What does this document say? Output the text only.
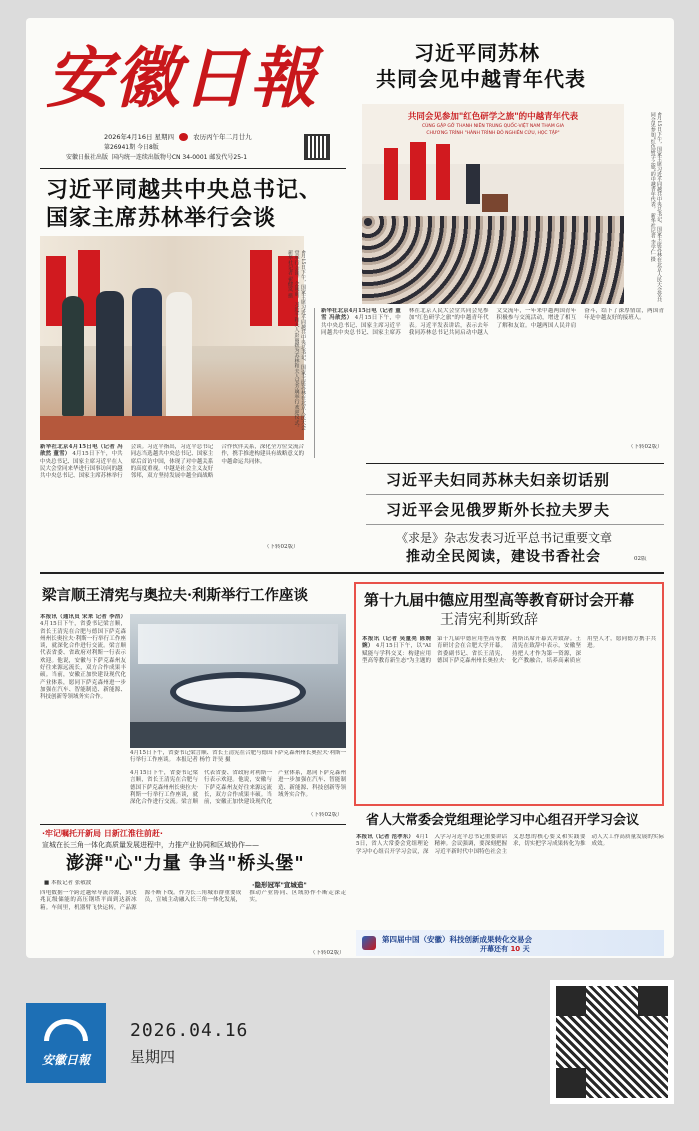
安徽日報
2026年4月16日 星期四	农历丙午年二月廿九
第26941期 今日8版
安徽日报社出版 国内统一连续出版物号CN 34-0001 邮发代号25-1
习近平同越共中央总书记、
国家主席苏林举行会谈
4月15日下午，国家主席习近平同越共中央总书记、国家主席苏林在北京人民大会堂举行会谈。会谈前，习近平和夫人彭丽媛为苏林和夫人吴芳璃举行欢迎仪式。 新华社记者 翟健岚 摄
新华社北京4月15日电（记者 冯歆然 董雪） 4月15日下午，中共中央总书记、国家主席习近平在人民大会堂同来华进行国事访问的越共中央总书记、国家主席苏林举行会谈。习近平指出，习近平总书记同志当选越共中央总书记、国家主席后首访中国，体现了对中越关系的高度重视。中越是社会主义友好邻邦，双方坚持发展中越全面战略合作伙伴关系，深化全方位交流合作，携手推进构建具有战略意义的中越命运共同体。
（下转02版）
习近平同苏林
共同会见中越青年代表
共同会见参加"红色研学之旅"的中越青年代表
CÙNG GẶP GỠ THANH NIÊN TRUNG QUỐC-VIỆT NAM THAM GIA
CHƯƠNG TRÌNH "HÀNH TRÌNH ĐỎ NGHIÊN CỨU, HỌC TẬP"	4月15日下午，国家主席习近平同越共中央总书记、国家主席苏林在北京人民大会堂共同会见参加"红色研学之旅"的中越青年代表。 新华社记者 李学仁 摄
新华社北京4月15日电（记者 董雪 冯歆然） 4月15日下午，中共中央总书记、国家主席习近平同越共中央总书记、国家主席苏林在北京人民大会堂共同会见参加"红色研学之旅"的中越青年代表。习近平发表讲话，表示去年我同苏林总书记共同启动中越人文交流年，一年来中越两国青年积极参与交流活动，增进了相互了解和友谊。中越两国人民并肩奋斗，结下了深厚情谊，两国青年是中越友好的接班人。
（下转02版）
习近平夫妇同苏林夫妇亲切话别
习近平会见俄罗斯外长拉夫罗夫
《求是》杂志发表习近平总书记重要文章
推动全民阅读，建设书香社会	02版
梁言顺王清宪与奥拉夫·利斯举行工作座谈
本报讯（通讯员 宋来 记者 李浩） 4月15日下午，省委书记梁言顺，省长王清宪在合肥与德国下萨克森州州长奥拉夫·利斯一行举行工作座谈，就深化合作进行交流。梁言顺代表省委、省政府对利斯一行表示欢迎。他说，安徽与下萨克森州友好往来源远流长，双方合作成果丰硕。当前，安徽正加快建设现代化产业体系，愿同下萨克森州进一步加强在汽车、智能制造、新能源、科技创新等领域务实合作。
4月15日下午，省委书记梁言顺、省长王清宪在合肥与德国下萨克森州州长奥拉夫·利斯一行举行工作座谈。 本报记者 杨竹 许昊 摄
4月15日下午，省委书记梁言顺，省长王清宪在合肥与德国下萨克森州州长奥拉夫·利斯一行举行工作座谈，就深化合作进行交流。梁言顺代表省委、省政府对利斯一行表示欢迎。他说，安徽与下萨克森州友好往来源远流长，双方合作成果丰硕。当前，安徽正加快建设现代化产业体系，愿同下萨克森州进一步加强在汽车、智能制造、新能源、科技创新等领域务实合作。
（下转02版）
第十九届中德应用型高等教育研讨会开幕
王清宪利斯致辞
本报讯（记者 吴量亮 陈婉婉） 4月15日下午，以"AI赋能与学科交叉：构建应用型高等教育新生态"为主题的第十九届中德应用型高等教育研讨会在合肥大学开幕。省委副书记、省长王清宪，德国下萨克森州州长奥拉夫·利斯出席开幕式并致辞。王清宪在致辞中表示，安徽坚持把人才作为第一资源，深化产教融合，培养高素质应用型人才，愿同德方携手共进。
省人大常委会党组理论学习中心组召开学习会议
本报讯（记者 范孝东） 4月15日，省人大常委会党组理论学习中心组召开学习会议，深入学习习近平总书记重要讲话精神。会议强调，要深刻把握习近平新时代中国特色社会主义思想的核心要义和实践要求，切实把学习成果转化为推动人大工作高质量发展的实际成效。
·牢记嘱托开新局 日新江淮往前赶·
宣城在长三角一体化高质量发展进程中，力推产业协同和区域协作——
澎湃"心"力量 争当"桥头堡"
■ 本报记者 张敬波
四电数据一个跨过越晕导流冷源，到达兆瓦级储能的高压钢塔平面到达新冰箱。车间里，机器臂飞快运转，产品源源不断下线。作为长三角城市群重要成员，宣城主动融入长三角一体化发展，推动产业协同、区域协作不断走深走实。
·隐形冠军"宣城造"
（下转02版）
第四届中国（安徽）科技创新成果转化交易会
开幕还有 10 天
安徽日報
2026.04.16
星期四
